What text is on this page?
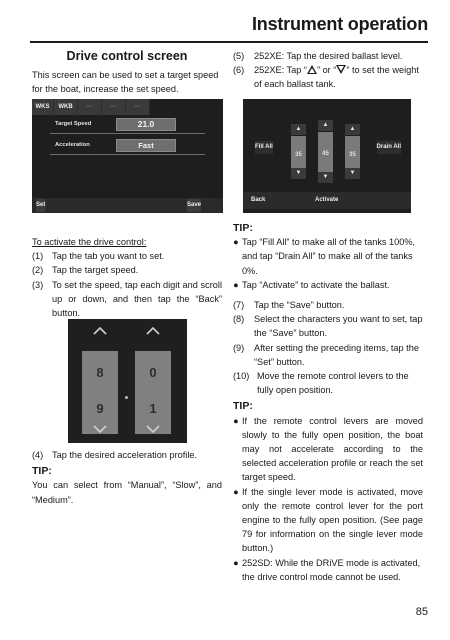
Instrument operation
Drive control screen
This screen can be used to set a target speed for the boat, increase the set speed.
(5)	252XE: Tap the desired ballast level.
(6)	252XE: Tap “ ” or “ ” to set the weight of each ballast tank.
WKS	WKB	---	---	---
Target Speed	21.0
Acceleration	Fast
Set	Save
Fill All	Drain All
▲
35
▼
▲
45
▼
▲
35
▼
Back	Activate
To activate the drive control:
(1) Tap the tab you want to set.
(2) Tap the target speed.
(3) To set the speed, tap each digit and scroll up or down, and then tap the “Back” button.
8
9
0
1
(4) Tap the desired acceleration profile.
TIP:
You can select from “Manual”, “Slow”, and “Medium”.
TIP:
● Tap “Fill All” to make all of the tanks 100%, and tap “Drain All” to make all of the tanks 0%.
● Tap “Activate” to activate the ballast.
(7)	Tap the “Save” button.
(8)	Select the characters you want to set, tap the “Save” button.
(9)	After setting the preceding items, tap the “Set” button.
(10) Move the remote control levers to the fully open position.
TIP:
● If the remote control levers are moved slowly to the fully open position, the boat may not accelerate according to the selected acceleration profile or reach the set target speed.
● If the single lever mode is activated, move only the remote control lever for the port engine to the fully open position. (See page 79 for information on the single lever mode button.)
● 252SD: While the DRiVE mode is activated, the drive control mode cannot be used.
85
